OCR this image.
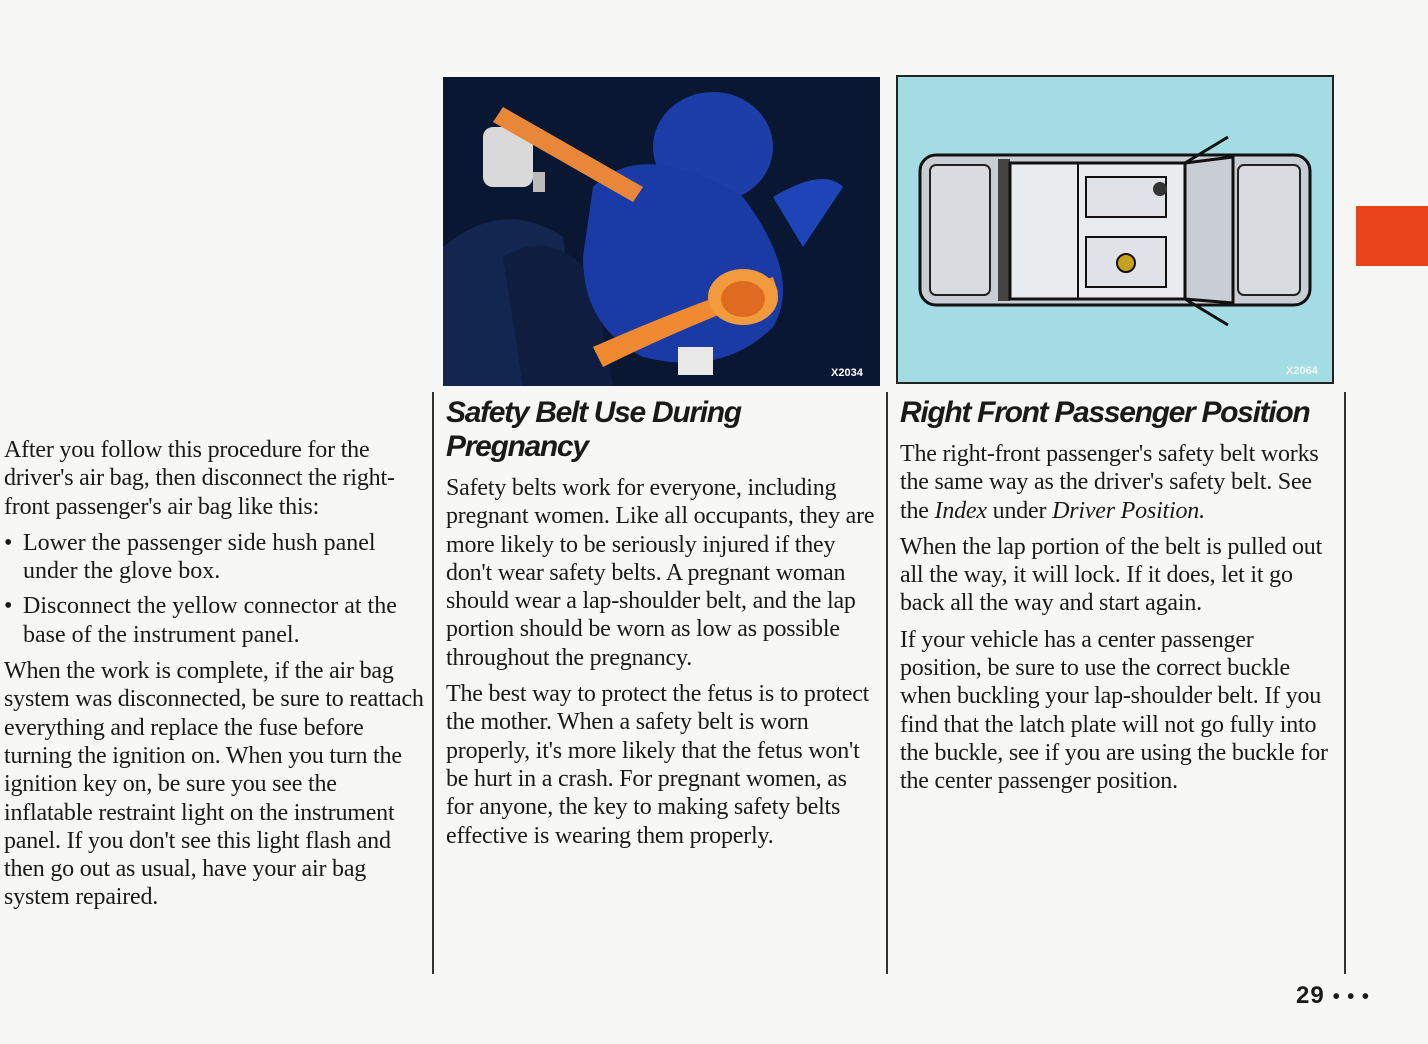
X2034	X2064

After you follow this procedure for the driver's air bag, then disconnect the right-front passenger's air bag like this:

• Lower the passenger side hush panel under the glove box.
• Disconnect the yellow connector at the base of the instrument panel.

When the work is complete, if the air bag system was disconnected, be sure to reattach everything and replace the fuse before turning the ignition on. When you turn the ignition key on, be sure you see the inflatable restraint light on the instrument panel. If you don't see this light flash and then go out as usual, have your air bag system repaired.

Safety Belt Use During
Pregnancy

Safety belts work for everyone, including pregnant women. Like all occupants, they are more likely to be seriously injured if they don't wear safety belts. A pregnant woman should wear a lap-shoulder belt, and the lap portion should be worn as low as possible throughout the pregnancy.

The best way to protect the fetus is to protect the mother. When a safety belt is worn properly, it's more likely that the fetus won't be hurt in a crash. For pregnant women, as for anyone, the key to making safety belts effective is wearing them properly.

Right Front Passenger Position

The right-front passenger's safety belt works the same way as the driver's safety belt. See the Index under Driver Position.

When the lap portion of the belt is pulled out all the way, it will lock. If it does, let it go back all the way and start again.

If your vehicle has a center passenger position, be sure to use the correct buckle when buckling your lap-shoulder belt. If you find that the latch plate will not go fully into the buckle, see if you are using the buckle for the center passenger position.

29 • • •
